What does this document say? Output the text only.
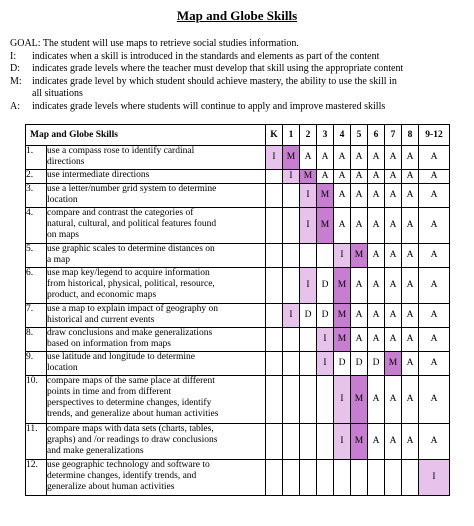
Map and Globe Skills
GOAL: The student will use maps to retrieve social studies information.
I:	indicates when a skill is introduced in the standards and elements as part of the content
D:	indicates grade levels where the teacher must develop that skill using the appropriate content
M:	indicates grade level by which student should achieve mastery, the ability to use the skill in
all situations
A:	indicates grade levels where students will continue to apply and improve mastered skills
Map and Globe Skills		K	1	2	3	4	5	6	7	8	9-12
1.	use a compass rose to identify cardinal
directions	I	M	A	A	A	A	A	A	A	A
2.	use intermediate directions		I	M	A	A	A	A	A	A	A
3.	use a letter/number grid system to determine
location			I	M	A	A	A	A	A	A
4.	compare and contrast the categories of
natural, cultural, and political features found
on maps			I	M	A	A	A	A	A	A
5.	use graphic scales to determine distances on
a map					I	M	A	A	A	A
6.	use map key/legend to acquire information
from historical, physical, political, resource,
product, and economic maps			I	D	M	A	A	A	A	A
7.	use a map to explain impact of geography on
historical and current events		I	D	D	M	A	A	A	A	A
8.	draw conclusions and make generalizations
based on information from maps				I	M	A	A	A	A	A
9.	use latitude and longitude to determine
location				I	D	D	D	M	A	A
10.	compare maps of the same place at different
points in time and from different
perspectives to determine changes, identify
trends, and generalize about human activities					I	M	A	A	A	A
11.	compare maps with data sets (charts, tables,
graphs) and /or readings to draw conclusions
and make generalizations					I	M	A	A	A	A
12.	use geographic technology and software to
determine changes, identify trends, and
generalize about human activities										I
